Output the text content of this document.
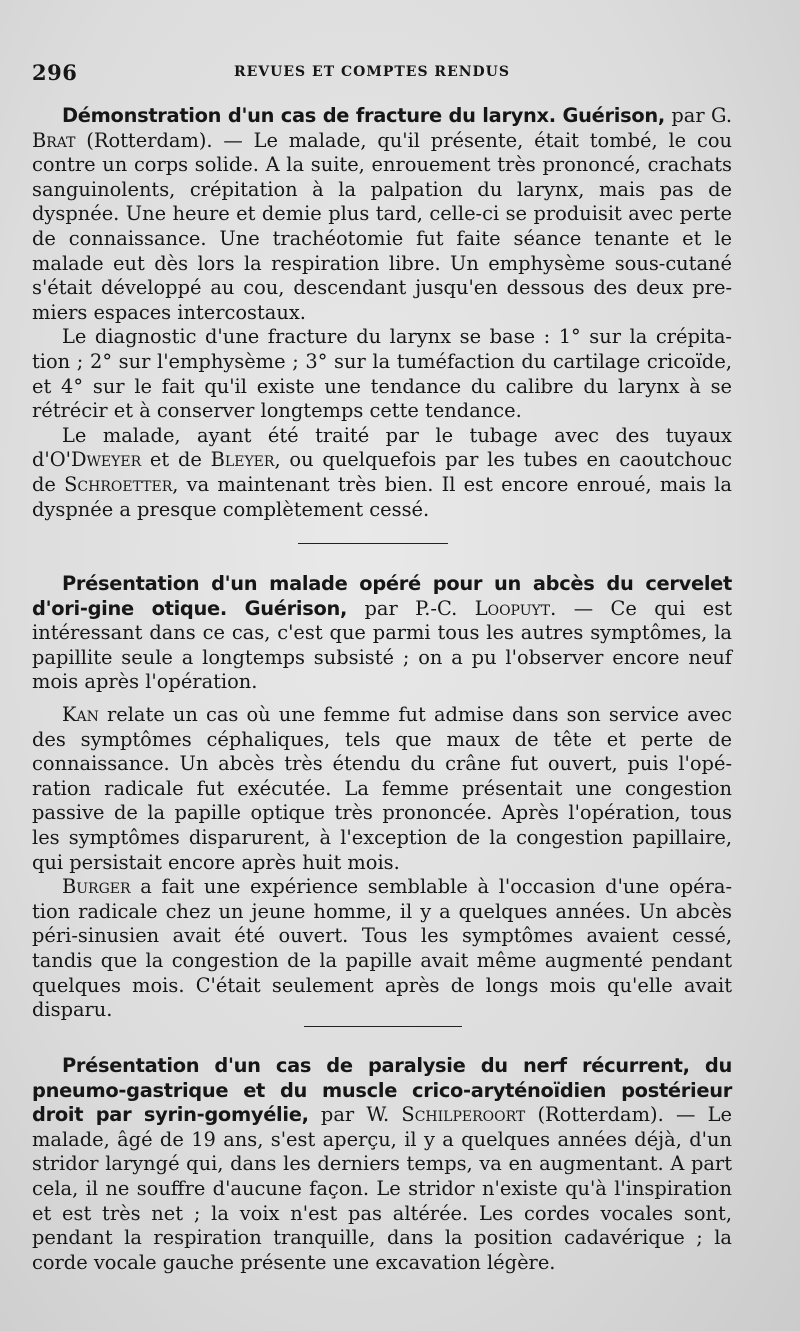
296	REVUES ET COMPTES RENDUS

Démonstration d'un cas de fracture du larynx. Guérison, par G. Brat (Rotterdam). — Le malade, qu'il présente, était tombé, le cou contre un corps solide. A la suite, enrouement très prononcé, crachats sanguinolents, crépitation à la palpation du larynx, mais pas de dyspnée. Une heure et demie plus tard, celle-ci se produisit avec perte de connaissance. Une trachéotomie fut faite séance tenante et le malade eut dès lors la respiration libre. Un emphysème sous-cutané s'était développé au cou, descendant jusqu'en dessous des deux pre-miers espaces intercostaux.

Le diagnostic d'une fracture du larynx se base : 1° sur la crépita-tion ; 2° sur l'emphysème ; 3° sur la tuméfaction du cartilage cricoïde, et 4° sur le fait qu'il existe une tendance du calibre du larynx à se rétrécir et à conserver longtemps cette tendance.

Le malade, ayant été traité par le tubage avec des tuyaux d'O'Dweyer et de Bleyer, ou quelquefois par les tubes en caoutchouc de Schroetter, va maintenant très bien. Il est encore enroué, mais la dyspnée a presque complètement cessé.

Présentation d'un malade opéré pour un abcès du cervelet d'ori-gine otique. Guérison, par P.-C. Loopuyt. — Ce qui est intéressant dans ce cas, c'est que parmi tous les autres symptômes, la papillite seule a longtemps subsisté ; on a pu l'observer encore neuf mois après l'opération.

Kan relate un cas où une femme fut admise dans son service avec des symptômes céphaliques, tels que maux de tête et perte de connaissance. Un abcès très étendu du crâne fut ouvert, puis l'opé-ration radicale fut exécutée. La femme présentait une congestion passive de la papille optique très prononcée. Après l'opération, tous les symptômes disparurent, à l'exception de la congestion papillaire, qui persistait encore après huit mois.

Burger a fait une expérience semblable à l'occasion d'une opéra-tion radicale chez un jeune homme, il y a quelques années. Un abcès péri-sinusien avait été ouvert. Tous les symptômes avaient cessé, tandis que la congestion de la papille avait même augmenté pendant quelques mois. C'était seulement après de longs mois qu'elle avait disparu.

Présentation d'un cas de paralysie du nerf récurrent, du pneumo-gastrique et du muscle crico-aryténoïdien postérieur droit par syrin-gomyélie, par W. Schilperoort (Rotterdam). — Le malade, âgé de 19 ans, s'est aperçu, il y a quelques années déjà, d'un stridor laryngé qui, dans les derniers temps, va en augmentant. A part cela, il ne souffre d'aucune façon. Le stridor n'existe qu'à l'inspiration et est très net ; la voix n'est pas altérée. Les cordes vocales sont, pendant la respiration tranquille, dans la position cadavérique ; la corde vocale gauche présente une excavation légère.
